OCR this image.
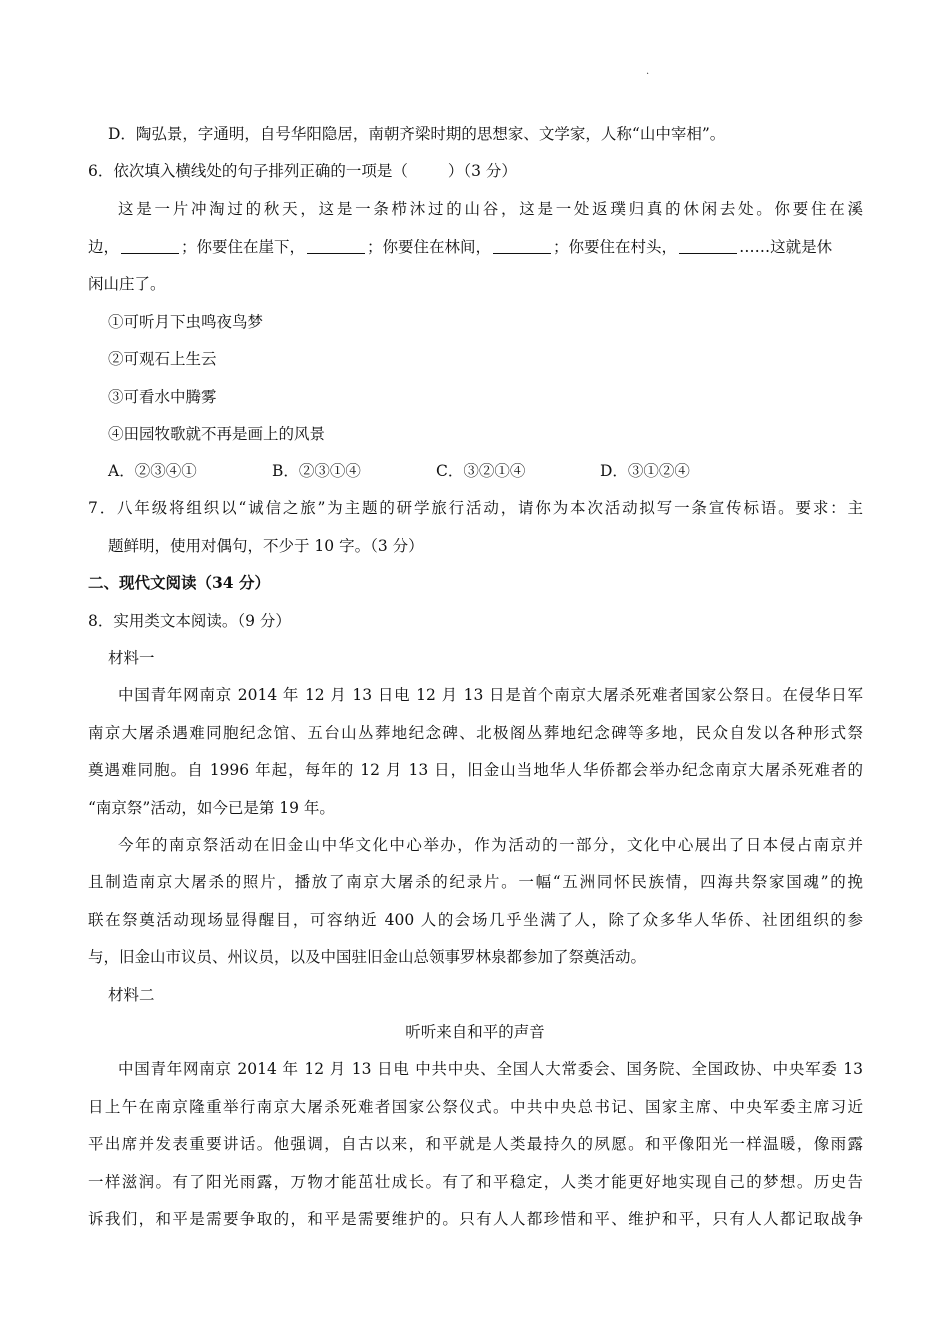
.
D．陶弘景，字通明，自号华阳隐居，南朝齐梁时期的思想家、文学家，人称“山中宰相”。
6．依次填入横线处的句子排列正确的一项是（	）（3 分）
这是一片冲淘过的秋天，这是一条栉沐过的山谷，这是一处返璞归真的休闲去处。你要住在溪
边，	；你要住在崖下，	；你要住在林间，	；你要住在村头，	……这就是休
闲山庄了。
①可听月下虫鸣夜鸟梦
②可观石上生云
③可看水中腾雾
④田园牧歌就不再是画上的风景
A．②③④①	B．②③①④	C．③②①④	D．③①②④
7．八年级将组织以“诚信之旅”为主题的研学旅行活动，请你为本次活动拟写一条宣传标语。要求：主
题鲜明，使用对偶句，不少于 10 字。（3 分）
二、现代文阅读（34 分）
8．实用类文本阅读。（9 分）
材料一
中国青年网南京 2014 年 12 月 13 日电 12 月 13 日是首个南京大屠杀死难者国家公祭日。在侵华日军
南京大屠杀遇难同胞纪念馆、五台山丛葬地纪念碑、北极阁丛葬地纪念碑等多地，民众自发以各种形式祭
奠遇难同胞。自 1996 年起，每年的 12 月 13 日，旧金山当地华人华侨都会举办纪念南京大屠杀死难者的
“南京祭”活动，如今已是第 19 年。
今年的南京祭活动在旧金山中华文化中心举办，作为活动的一部分，文化中心展出了日本侵占南京并
且制造南京大屠杀的照片，播放了南京大屠杀的纪录片。一幅“五洲同怀民族情，四海共祭家国魂”的挽
联在祭奠活动现场显得醒目，可容纳近 400 人的会场几乎坐满了人，除了众多华人华侨、社团组织的参
与，旧金山市议员、州议员，以及中国驻旧金山总领事罗林泉都参加了祭奠活动。
材料二
听听来自和平的声音
中国青年网南京 2014 年 12 月 13 日电 中共中央、全国人大常委会、国务院、全国政协、中央军委 13
日上午在南京隆重举行南京大屠杀死难者国家公祭仪式。中共中央总书记、国家主席、中央军委主席习近
平出席并发表重要讲话。他强调，自古以来，和平就是人类最持久的夙愿。和平像阳光一样温暖，像雨露
一样滋润。有了阳光雨露，万物才能茁壮成长。有了和平稳定，人类才能更好地实现自己的梦想。历史告
诉我们，和平是需要争取的，和平是需要维护的。只有人人都珍惜和平、维护和平，只有人人都记取战争
